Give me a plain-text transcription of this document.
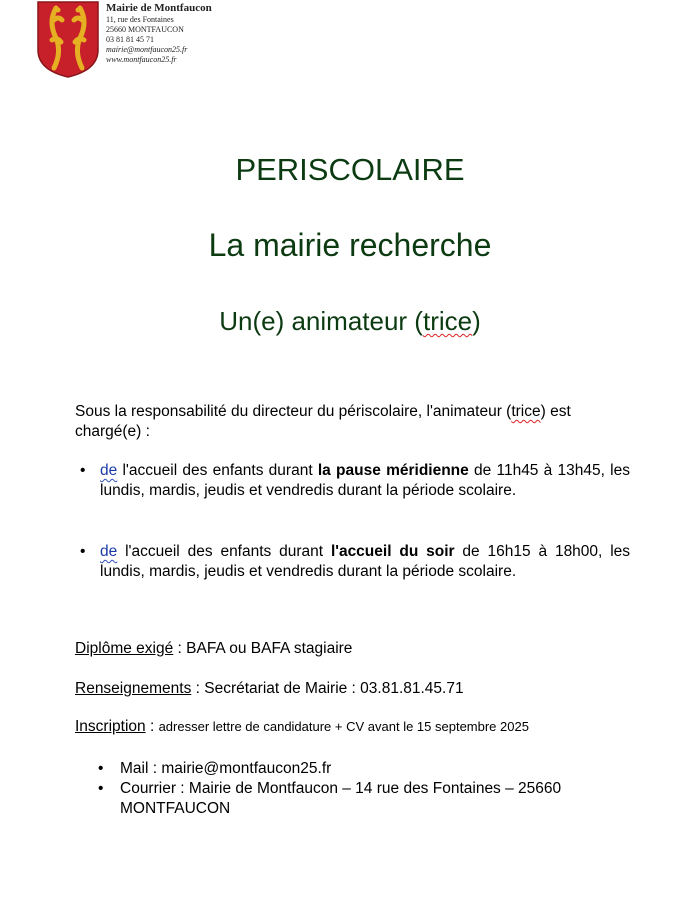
Mairie de Montfaucon
11, rue des Fontaines
25660 MONTFAUCON
03 81 81 45 71
mairie@montfaucon25.fr
www.montfaucon25.fr
PERISCOLAIRE
La mairie recherche
Un(e) animateur (trice)
Sous la responsabilité du directeur du périscolaire, l'animateur (trice) est chargé(e) :
• de l'accueil des enfants durant la pause méridienne de 11h45 à 13h45, les lundis, mardis, jeudis et vendredis durant la période scolaire.
• de l'accueil des enfants durant l'accueil du soir de 16h15 à 18h00, les lundis, mardis, jeudis et vendredis durant la période scolaire.
Diplôme exigé : BAFA ou BAFA stagiaire
Renseignements : Secrétariat de Mairie : 03.81.81.45.71
Inscription : adresser lettre de candidature + CV avant le 15 septembre 2025
• Mail : mairie@montfaucon25.fr
• Courrier : Mairie de Montfaucon – 14 rue des Fontaines – 25660 MONTFAUCON
